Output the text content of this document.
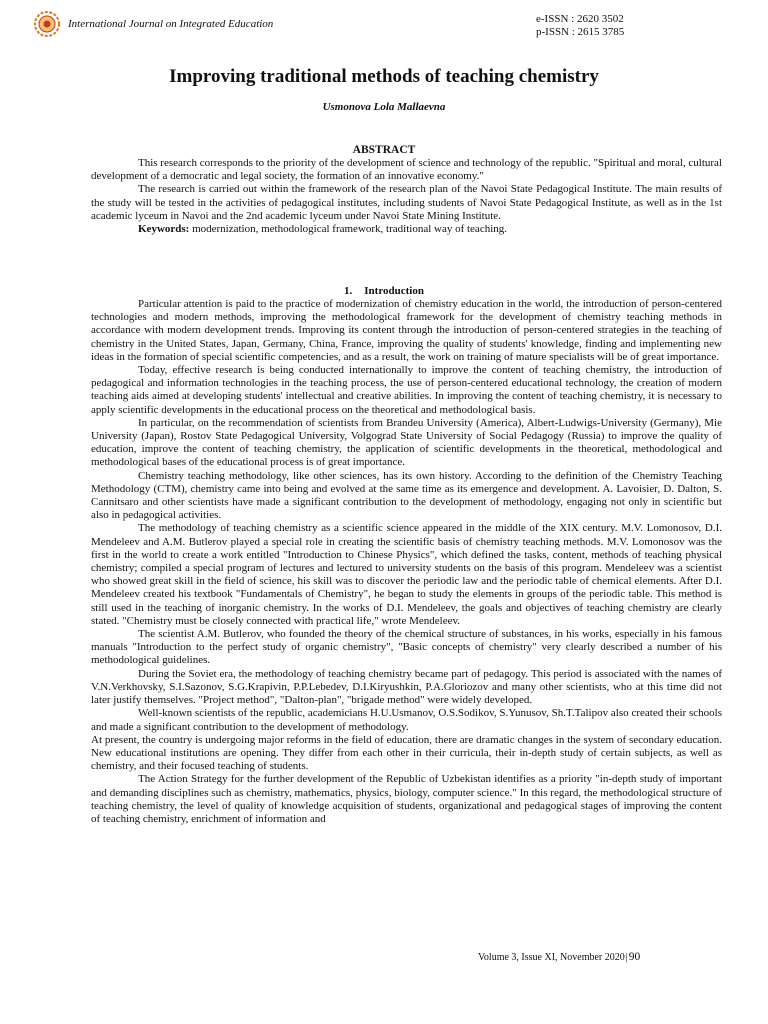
International Journal on Integrated Education	e-ISSN : 2620 3502
p-ISSN : 2615 3785
Improving traditional methods of teaching chemistry
Usmonova Lola Mallaevna
ABSTRACT

This research corresponds to the priority of the development of science and technology of the republic. "Spiritual and moral, cultural development of a democratic and legal society, the formation of an innovative economy."

The research is carried out within the framework of the research plan of the Navoi State Pedagogical Institute. The main results of the study will be tested in the activities of pedagogical institutes, including students of Navoi State Pedagogical Institute, as well as in the 1st academic lyceum in Navoi and the 2nd academic lyceum under Navoi State Mining Institute.

Keywords: modernization, methodological framework, traditional way of teaching.

1. Introduction

Particular attention is paid to the practice of modernization of chemistry education in the world, the introduction of person-centered technologies and modern methods, improving the methodological framework for the development of chemistry teaching methods in accordance with modern development trends. Improving its content through the introduction of person-centered strategies in the teaching of chemistry in the United States, Japan, Germany, China, France, improving the quality of students' knowledge, finding and implementing new ideas in the formation of special scientific competencies, and as a result, the work on training of mature specialists will be of great importance.

Today, effective research is being conducted internationally to improve the content of teaching chemistry, the introduction of pedagogical and information technologies in the teaching process, the use of person-centered educational technology, the creation of modern teaching aids aimed at developing students' intellectual and creative abilities. In improving the content of teaching chemistry, it is necessary to apply scientific developments in the educational process on the theoretical and methodological basis.

In particular, on the recommendation of scientists from Brandeu University (America), Albert-Ludwigs-University (Germany), Mie University (Japan), Rostov State Pedagogical University, Volgograd State University of Social Pedagogy (Russia) to improve the quality of education, improve the content of teaching chemistry, the application of scientific developments in the theoretical, methodological and methodological bases of the educational process is of great importance.

Chemistry teaching methodology, like other sciences, has its own history. According to the definition of the Chemistry Teaching Methodology (CTM), chemistry came into being and evolved at the same time as its emergence and development. A. Lavoisier, D. Dalton, S. Cannitsaro and other scientists have made a significant contribution to the development of methodology, engaging not only in scientific but also in pedagogical activities.

The methodology of teaching chemistry as a scientific science appeared in the middle of the XIX century. M.V. Lomonosov, D.I. Mendeleev and A.M. Butlerov played a special role in creating the scientific basis of chemistry teaching methods. M.V. Lomonosov was the first in the world to create a work entitled "Introduction to Chinese Physics", which defined the tasks, content, methods of teaching physical chemistry; compiled a special program of lectures and lectured to university students on the basis of this program. Mendeleev was a scientist who showed great skill in the field of science, his skill was to discover the periodic law and the periodic table of chemical elements. After D.I. Mendeleev created his textbook "Fundamentals of Chemistry", he began to study the elements in groups of the periodic table. This method is still used in the teaching of inorganic chemistry. In the works of D.I. Mendeleev, the goals and objectives of teaching chemistry are clearly stated. "Chemistry must be closely connected with practical life," wrote Mendeleev.

The scientist A.M. Butlerov, who founded the theory of the chemical structure of substances, in his works, especially in his famous manuals "Introduction to the perfect study of organic chemistry", "Basic concepts of chemistry" very clearly described a number of his methodological guidelines.

During the Soviet era, the methodology of teaching chemistry became part of pedagogy. This period is associated with the names of V.N.Verkhovsky, S.I.Sazonov, S.G.Krapivin, P.P.Lebedev, D.I.Kiryushkin, P.A.Gloriozov and many other scientists, who at this time did not later justify themselves. "Project method", "Dalton-plan", "brigade method" were widely developed.

Well-known scientists of the republic, academicians H.U.Usmanov, O.S.Sodikov, S.Yunusov, Sh.T.Talipov also created their schools and made a significant contribution to the development of methodology.

At present, the country is undergoing major reforms in the field of education, there are dramatic changes in the system of secondary education. New educational institutions are opening. They differ from each other in their curricula, their in-depth study of certain subjects, as well as chemistry, and their focused teaching of students.

The Action Strategy for the further development of the Republic of Uzbekistan identifies as a priority "in-depth study of important and demanding disciplines such as chemistry, mathematics, physics, biology, computer science." In this regard, the methodological structure of teaching chemistry, the level of quality of knowledge acquisition of students, organizational and pedagogical stages of improving the content of teaching chemistry, enrichment of information and

Volume 3, Issue XI, November 2020|90
